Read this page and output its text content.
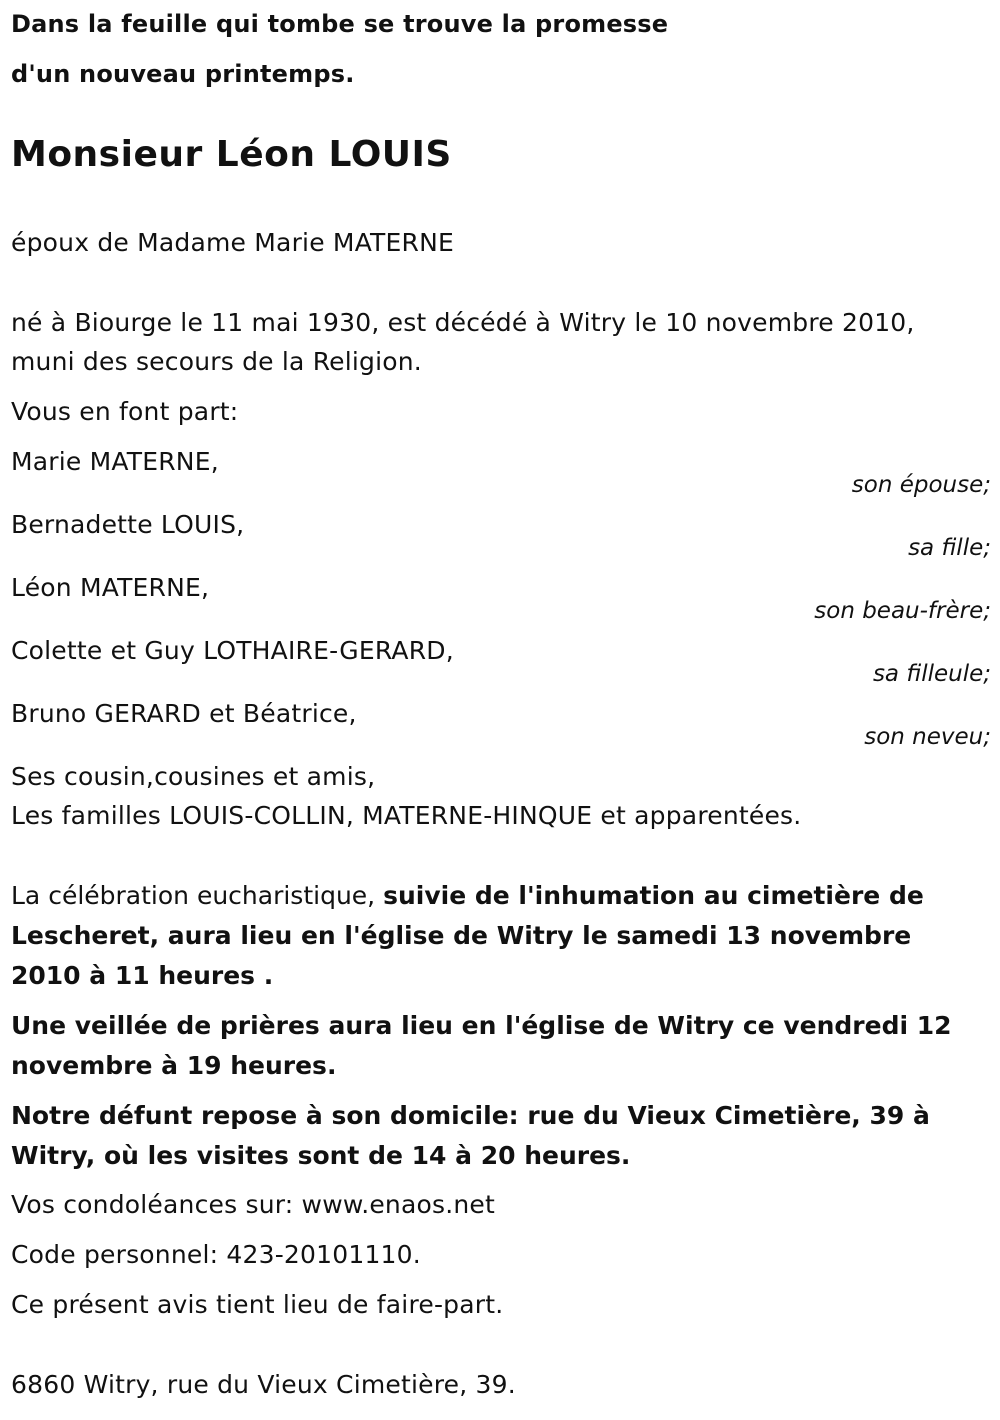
Dans la feuille qui tombe se trouve la promesse
d'un nouveau printemps.
Monsieur Léon LOUIS
époux de Madame Marie MATERNE
né à Biourge le 11 mai 1930, est décédé à Witry le 10 novembre 2010,
muni des secours de la Religion.
Vous en font part:
Marie MATERNE,
son épouse;
Bernadette LOUIS,
sa fille;
Léon MATERNE,
son beau-frère;
Colette et Guy LOTHAIRE-GERARD,
sa filleule;
Bruno GERARD et Béatrice,
son neveu;
Ses cousin,cousines et amis,
Les familles LOUIS-COLLIN, MATERNE-HINQUE et apparentées.
La célébration eucharistique, suivie de l'inhumation au cimetière de Lescheret, aura lieu en l'église de Witry le samedi 13 novembre 2010 à 11 heures .
Une veillée de prières aura lieu en l'église de Witry ce vendredi 12 novembre à 19 heures.
Notre défunt repose à son domicile: rue du Vieux Cimetière, 39 à Witry, où les visites sont de 14 à 20 heures.
Vos condoléances sur: www.enaos.net
Code personnel: 423-20101110.
Ce présent avis tient lieu de faire-part.
6860 Witry, rue du Vieux Cimetière, 39.
